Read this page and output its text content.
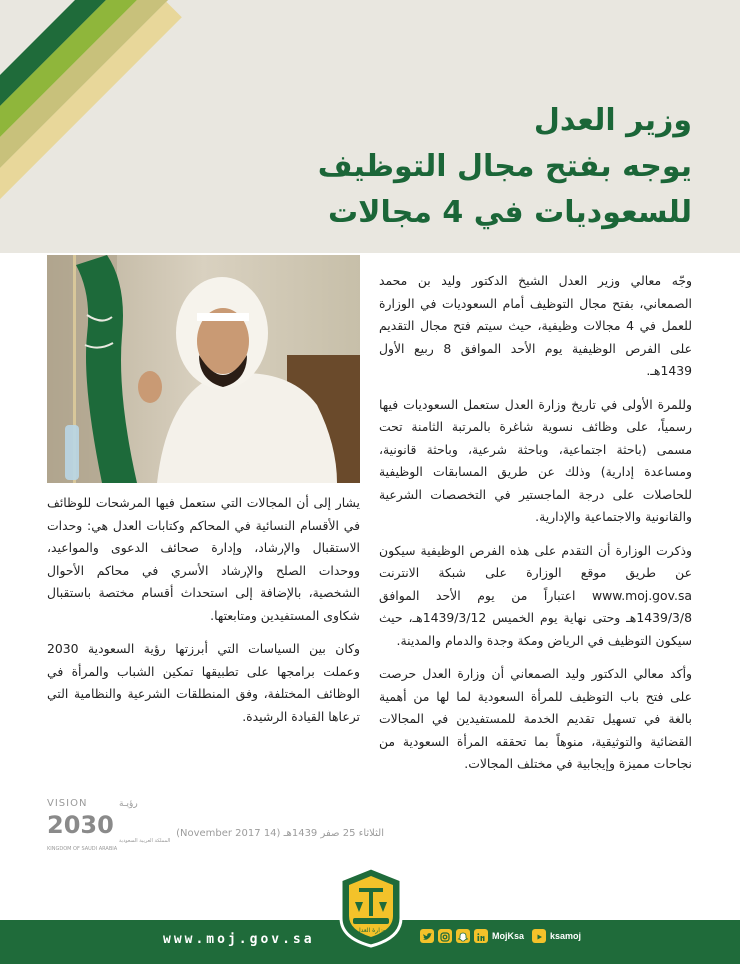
وزير العدل
يوجه بفتح مجال التوظيف
للسعوديات في 4 مجالات

وجّه معالي وزير العدل الشيخ الدكتور وليد بن محمد الصمعاني، بفتح مجال التوظيف أمام السعوديات في الوزارة للعمل في 4 مجالات وظيفية، حيث سيتم فتح مجال التقديم على الفرص الوظيفية يوم الأحد الموافق 8 ربيع الأول 1439هـ.

وللمرة الأولى في تاريخ وزارة العدل ستعمل السعوديات فيها رسمياً، على وظائف نسوية شاغرة بالمرتبة الثامنة تحت مسمى (باحثة اجتماعية، وباحثة شرعية، وباحثة قانونية، ومساعدة إدارية) وذلك عن طريق المسابقات الوظيفية للحاصلات على درجة الماجستير في التخصصات الشرعية والقانونية والاجتماعية والإدارية.

وذكرت الوزارة أن التقدم على هذه الفرص الوظيفية سيكون عن طريق موقع الوزارة على شبكة الانترنت www.moj.gov.sa اعتباراً من يوم الأحد الموافق 1439/3/8هـ وحتى نهاية يوم الخميس 1439/3/12هـ، حيث سيكون التوظيف في الرياض ومكة وجدة والدمام والمدينة.

وأكد معالي الدكتور وليد الصمعاني أن وزارة العدل حرصت على فتح باب التوظيف للمرأة السعودية لما لها من أهمية بالغة في تسهيل تقديم الخدمة للمستفيدين في المجالات القضائية والتوثيقية، منوهاً بما تحققه المرأة السعودية من نجاحات مميزة وإيجابية في مختلف المجالات.

يشار إلى أن المجالات التي ستعمل فيها المرشحات للوظائف في الأقسام النسائية في المحاكم وكتابات العدل هي: وحدات الاستقبال والإرشاد، وإدارة صحائف الدعوى والمواعيد، ووحدات الصلح والإرشاد الأسري في محاكم الأحوال الشخصية، بالإضافة إلى استحداث أقسام مختصة باستقبال شكاوى المستفيدين ومتابعتها.

وكان بين السياسات التي أبرزتها رؤية السعودية 2030 وعملت برامجها على تطبيقها تمكين الشباب والمرأة في الوظائف المختلفة، وفق المنطلقات الشرعية والنظامية التي ترعاها القيادة الرشيدة.

VISION	رؤيـة
2030
المملكة العربية السعودية
KINGDOM OF SAUDI ARABIA
الثلاثاء 25 صفر 1439هـ (14 November 2017)
www.moj.gov.sa
وزارة العدل
MojKsa	ksamoj
